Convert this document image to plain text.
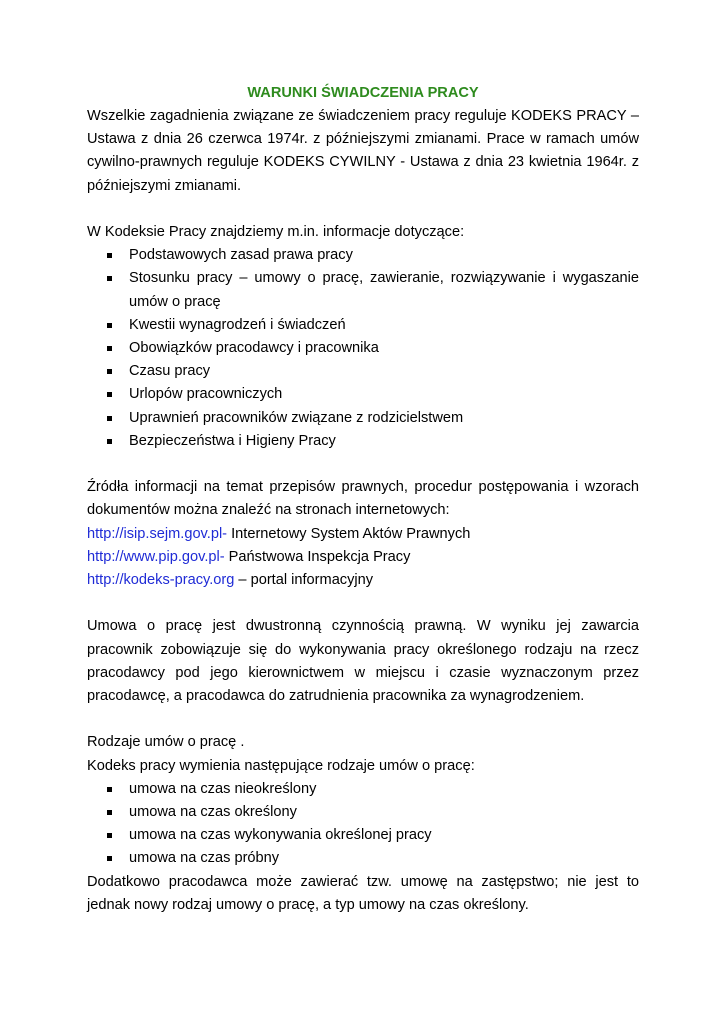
WARUNKI ŚWIADCZENIA PRACY

Wszelkie zagadnienia związane ze świadczeniem pracy reguluje KODEKS PRACY – Ustawa z dnia 26 czerwca 1974r. z późniejszymi zmianami. Prace w ramach umów cywilno-prawnych reguluje KODEKS CYWILNY - Ustawa z dnia 23 kwietnia 1964r. z późniejszymi zmianami.

W Kodeksie Pracy znajdziemy m.in. informacje dotyczące:

Podstawowych zasad prawa pracy
Stosunku pracy – umowy o pracę, zawieranie, rozwiązywanie i wygaszanie umów o pracę
Kwestii wynagrodzeń i świadczeń
Obowiązków pracodawcy i pracownika
Czasu pracy
Urlopów pracowniczych
Uprawnień pracowników związane z rodzicielstwem
Bezpieczeństwa i Higieny Pracy

Źródła informacji na temat przepisów prawnych, procedur postępowania i wzorach dokumentów można znaleźć na stronach internetowych:

http://isip.sejm.gov.pl- Internetowy System Aktów Prawnych

http://www.pip.gov.pl- Państwowa Inspekcja Pracy

http://kodeks-pracy.org – portal informacyjny

Umowa o pracę jest dwustronną czynnością prawną. W wyniku jej zawarcia pracownik zobowiązuje się do wykonywania pracy określonego rodzaju na rzecz pracodawcy pod jego kierownictwem w miejscu i czasie wyznaczonym przez pracodawcę, a pracodawca do zatrudnienia pracownika za wynagrodzeniem.

Rodzaje umów o pracę .

Kodeks pracy wymienia następujące rodzaje umów o pracę:

umowa na czas nieokreślony
umowa na czas określony
umowa na czas wykonywania określonej pracy
umowa na czas próbny

Dodatkowo pracodawca może zawierać tzw. umowę na zastępstwo; nie jest to jednak nowy rodzaj umowy o pracę, a typ umowy na czas określony.
